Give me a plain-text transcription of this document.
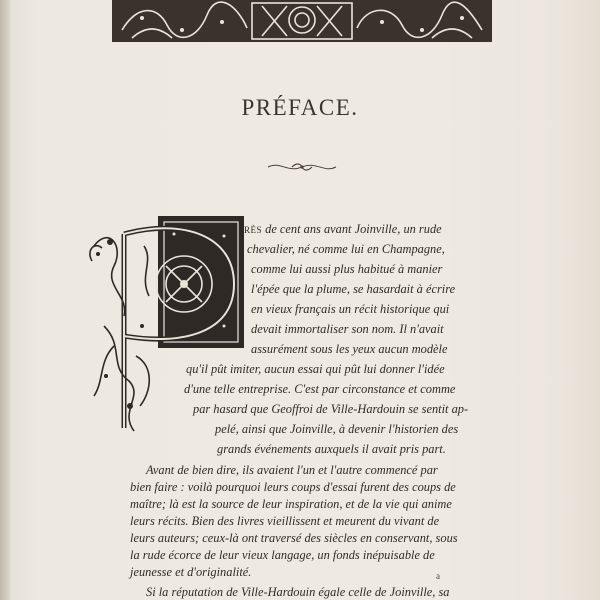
PRÉFACE.
rès de cent ans avant Joinville, un rude
chevalier, né comme lui en Champagne,
comme lui aussi plus habitué à manier
l'épée que la plume, se hasardait à écrire
en vieux français un récit historique qui
devait immortaliser son nom. Il n'avait
assurément sous les yeux aucun modèle
qu'il pût imiter, aucun essai qui pût lui donner l'idée
d'une telle entreprise. C'est par circonstance et comme
par hasard que Geoffroi de Ville-Hardouin se sentit ap-
pelé, ainsi que Joinville, à devenir l'historien des
grands événements auxquels il avait pris part.
Avant de bien dire, ils avaient l'un et l'autre commencé par
bien faire : voilà pourquoi leurs coups d'essai furent des coups de
maître; là est la source de leur inspiration, et de la vie qui anime
leurs récits. Bien des livres vieillissent et meurent du vivant de
leurs auteurs; ceux-là ont traversé des siècles en conservant, sous
la rude écorce de leur vieux langage, un fonds inépuisable de
jeunesse et d'originalité.	a
Si la réputation de Ville-Hardouin égale celle de Joinville, sa
